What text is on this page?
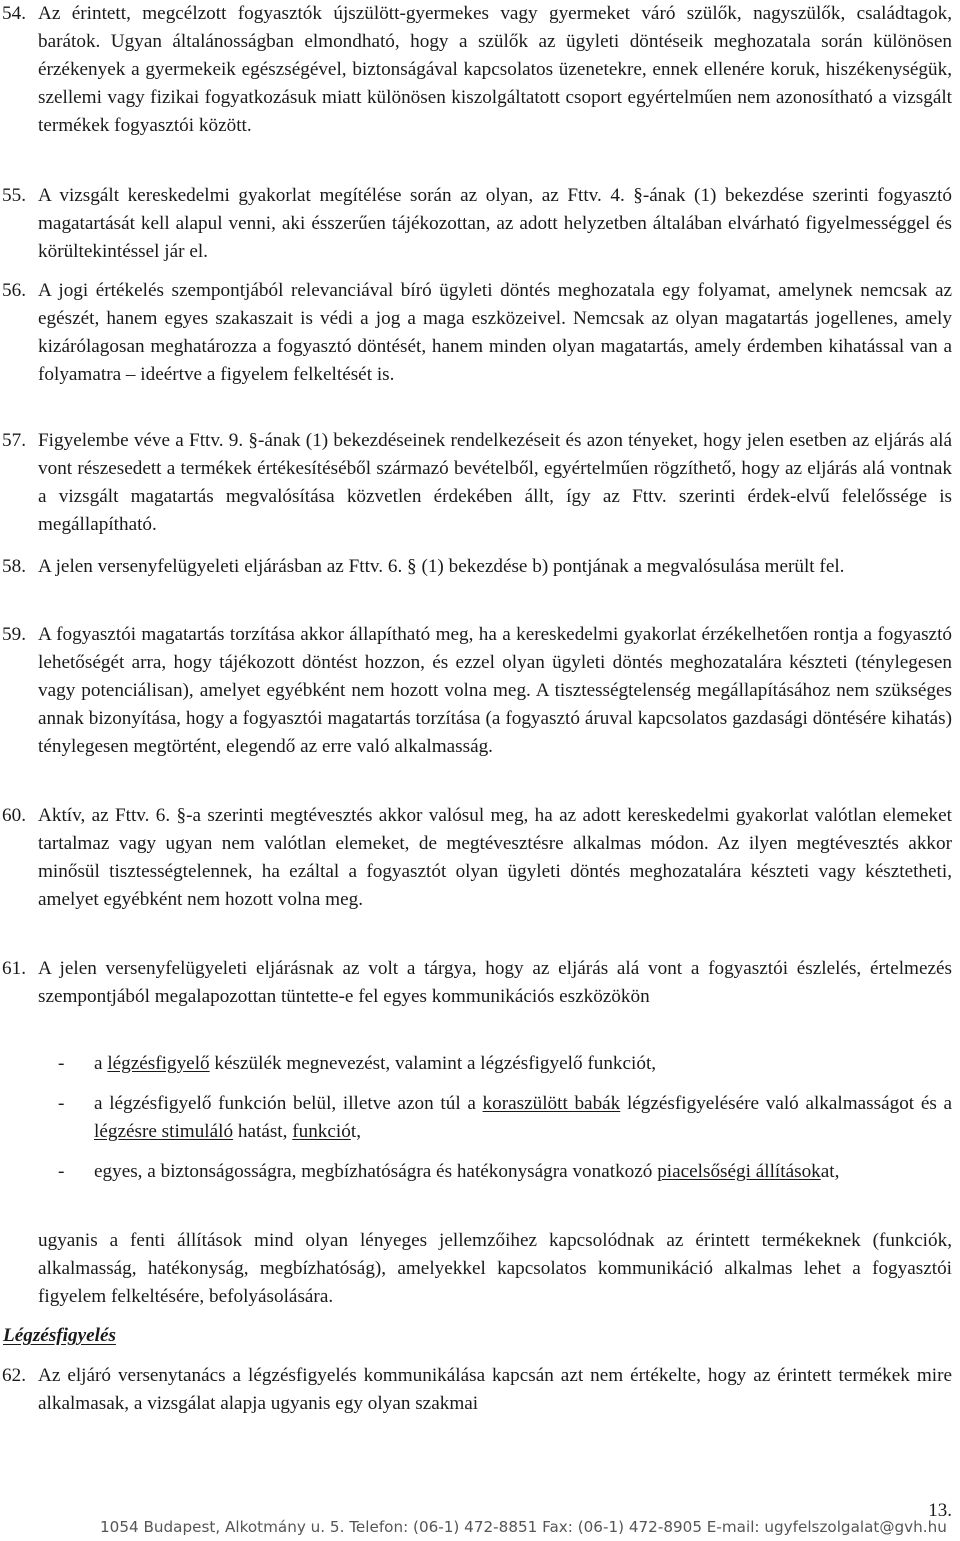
54. Az érintett, megcélzott fogyasztók újszülött-gyermekes vagy gyermeket váró szülők, nagyszülők, családtagok, barátok. Ugyan általánosságban elmondható, hogy a szülők az ügyleti döntéseik meghozatala során különösen érzékenyek a gyermekeik egészségével, biztonságával kapcsolatos üzenetekre, ennek ellenére koruk, hiszékenységük, szellemi vagy fizikai fogyatkozásuk miatt különösen kiszolgáltatott csoport egyértelműen nem azonosítható a vizsgált termékek fogyasztói között.
55. A vizsgált kereskedelmi gyakorlat megítélése során az olyan, az Fttv. 4. §-ának (1) bekezdése szerinti fogyasztó magatartását kell alapul venni, aki ésszerűen tájékozottan, az adott helyzetben általában elvárható figyelmességgel és körültekintéssel jár el.
56. A jogi értékelés szempontjából relevanciával bíró ügyleti döntés meghozatala egy folyamat, amelynek nemcsak az egészét, hanem egyes szakaszait is védi a jog a maga eszközeivel. Nemcsak az olyan magatartás jogellenes, amely kizárólagosan meghatározza a fogyasztó döntését, hanem minden olyan magatartás, amely érdemben kihatással van a folyamatra – ideértve a figyelem felkeltését is.
57. Figyelembe véve a Fttv. 9. §-ának (1) bekezdéseinek rendelkezéseit és azon tényeket, hogy jelen esetben az eljárás alá vont részesedett a termékek értékesítéséből származó bevételből, egyértelműen rögzíthető, hogy az eljárás alá vontnak a vizsgált magatartás megvalósítása közvetlen érdekében állt, így az Fttv. szerinti érdek-elvű felelőssége is megállapítható.
58. A jelen versenyfelügyeleti eljárásban az Fttv. 6. § (1) bekezdése b) pontjának a megvalósulása merült fel.
59. A fogyasztói magatartás torzítása akkor állapítható meg, ha a kereskedelmi gyakorlat érzékelhetően rontja a fogyasztó lehetőségét arra, hogy tájékozott döntést hozzon, és ezzel olyan ügyleti döntés meghozatalára készteti (ténylegesen vagy potenciálisan), amelyet egyébként nem hozott volna meg. A tisztességtelenség megállapításához nem szükséges annak bizonyítása, hogy a fogyasztói magatartás torzítása (a fogyasztó áruval kapcsolatos gazdasági döntésére kihatás) ténylegesen megtörtént, elegendő az erre való alkalmasság.
60. Aktív, az Fttv. 6. §-a szerinti megtévesztés akkor valósul meg, ha az adott kereskedelmi gyakorlat valótlan elemeket tartalmaz vagy ugyan nem valótlan elemeket, de megtévesztésre alkalmas módon. Az ilyen megtévesztés akkor minősül tisztességtelennek, ha ezáltal a fogyasztót olyan ügyleti döntés meghozatalára készteti vagy késztetheti, amelyet egyébként nem hozott volna meg.
61. A jelen versenyfelügyeleti eljárásnak az volt a tárgya, hogy az eljárás alá vont a fogyasztói észlelés, értelmezés szempontjából megalapozottan tüntette-e fel egyes kommunikációs eszközökön
- a légzésfigyelő készülék megnevezést, valamint a légzésfigyelő funkciót,
- a légzésfigyelő funkción belül, illetve azon túl a koraszülött babák légzésfigyelésére való alkalmasságot és a légzésre stimuláló hatást, funkciót,
- egyes, a biztonságosságra, megbízhatóságra és hatékonyságra vonatkozó piacelsőségi állításokat,
ugyanis a fenti állítások mind olyan lényeges jellemzőihez kapcsolódnak az érintett termékeknek (funkciók, alkalmasság, hatékonyság, megbízhatóság), amelyekkel kapcsolatos kommunikáció alkalmas lehet a fogyasztói figyelem felkeltésére, befolyásolására.
Légzésfigyelés
62. Az eljáró versenytanács a légzésfigyelés kommunikálása kapcsán azt nem értékelte, hogy az érintett termékek mire alkalmasak, a vizsgálat alapja ugyanis egy olyan szakmai
13.
1054 Budapest, Alkotmány u. 5. Telefon: (06-1) 472-8851 Fax: (06-1) 472-8905 E-mail: ugyfelszolgalat@gvh.hu
